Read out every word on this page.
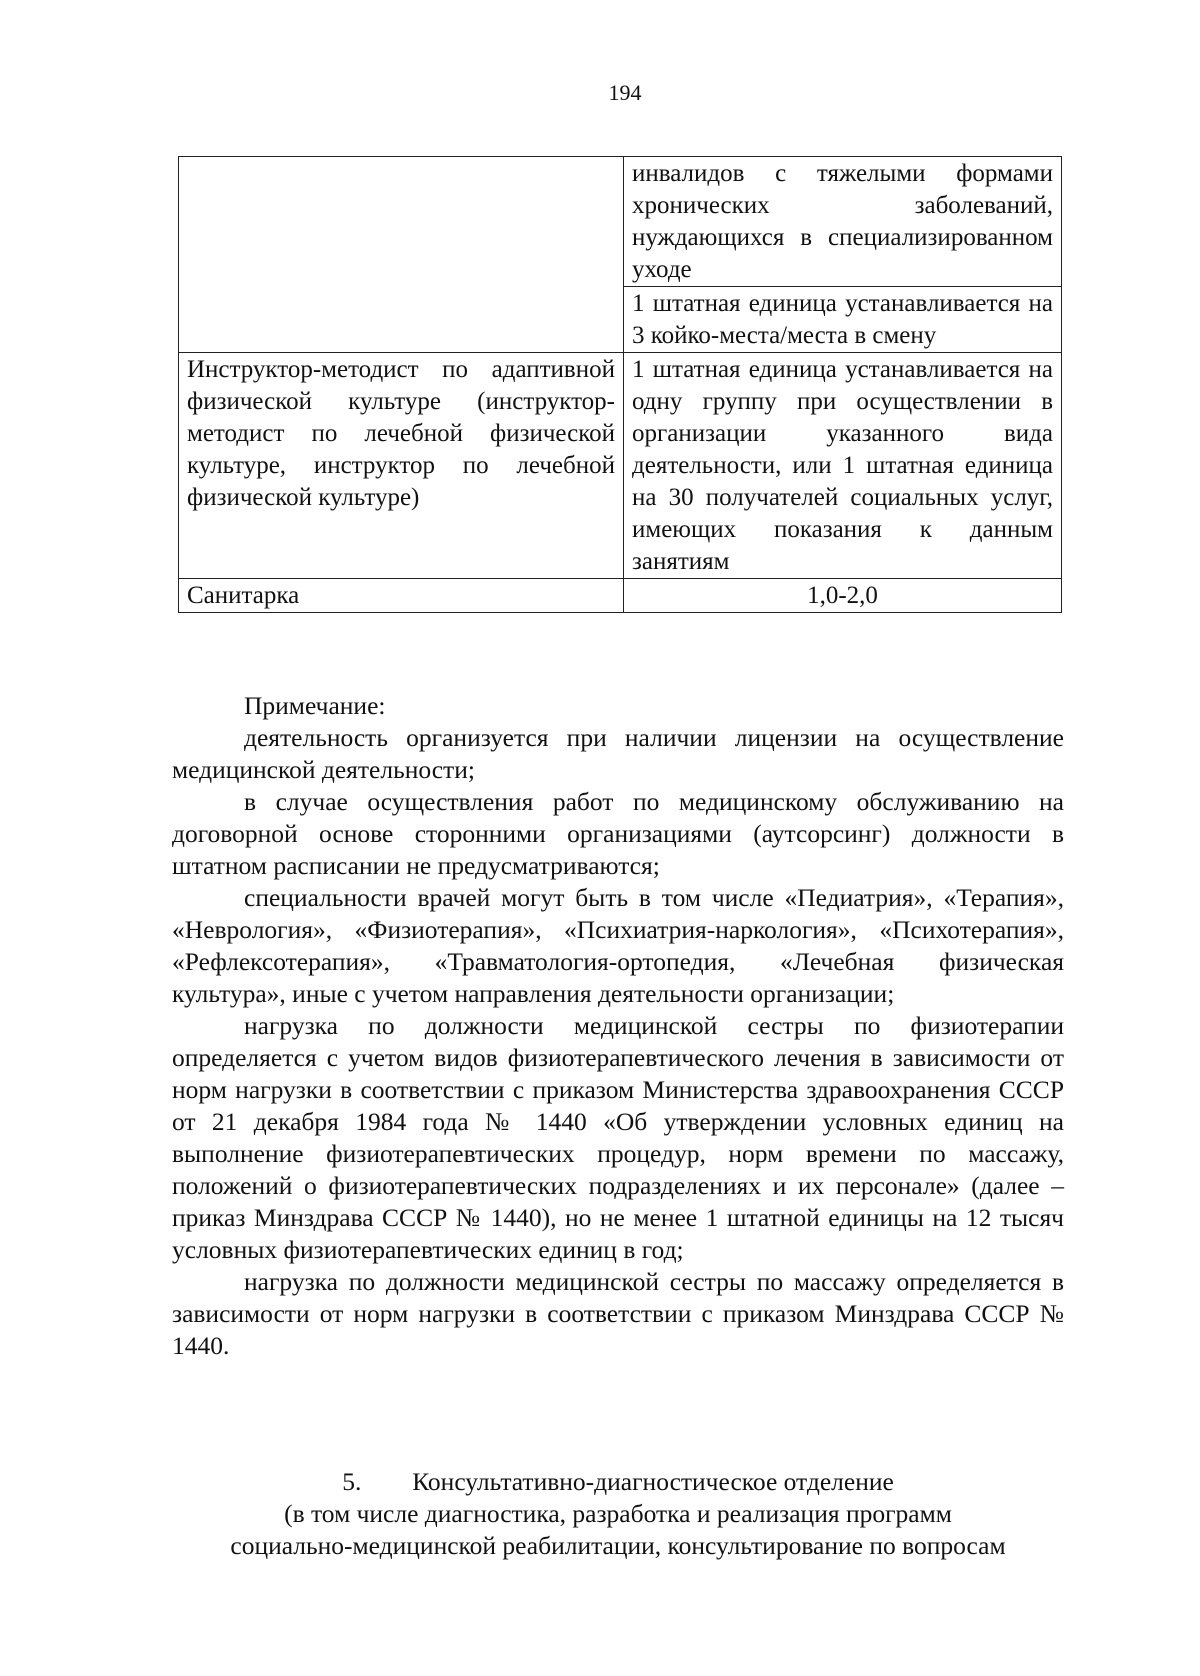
194
	инвалидов с тяжелыми формами хронических заболеваний, нуждающихся в специализированном уходе
	1 штатная единица устанавливается на 3 койко-места/места в смену
Инструктор-методист по адаптивной физической культуре (инструктор-методист по лечебной физической культуре, инструктор по лечебной физической культуре)	1 штатная единица устанавливается на одну группу при осуществлении в организации указанного вида деятельности, или 1 штатная единица на 30 получателей социальных услуг, имеющих показания к данным занятиям
Санитарка	1,0-2,0

Примечание:

деятельность организуется при наличии лицензии на осуществление медицинской деятельности;

в случае осуществления работ по медицинскому обслуживанию на договорной основе сторонними организациями (аутсорсинг) должности в штатном расписании не предусматриваются;

специальности врачей могут быть в том числе «Педиатрия», «Терапия», «Неврология», «Физиотерапия», «Психиатрия-наркология», «Психотерапия», «Рефлексотерапия», «Травматология-ортопедия, «Лечебная физическая культура», иные с учетом направления деятельности организации;

нагрузка по должности медицинской сестры по физиотерапии определяется с учетом видов физиотерапевтического лечения в зависимости от норм нагрузки в соответствии с приказом Министерства здравоохранения СССР от 21 декабря 1984 года № 1440 «Об утверждении условных единиц на выполнение физиотерапевтических процедур, норм времени по массажу, положений о физиотерапевтических подразделениях и их персонале» (далее – приказ Минздрава СССР № 1440), но не менее 1 штатной единицы на 12 тысяч условных физиотерапевтических единиц в год;

нагрузка по должности медицинской сестры по массажу определяется в зависимости от норм нагрузки в соответствии с приказом Минздрава СССР № 1440.

5. Консультативно-диагностическое отделение
(в том числе диагностика, разработка и реализация программ
социально-медицинской реабилитации, консультирование по вопросам
